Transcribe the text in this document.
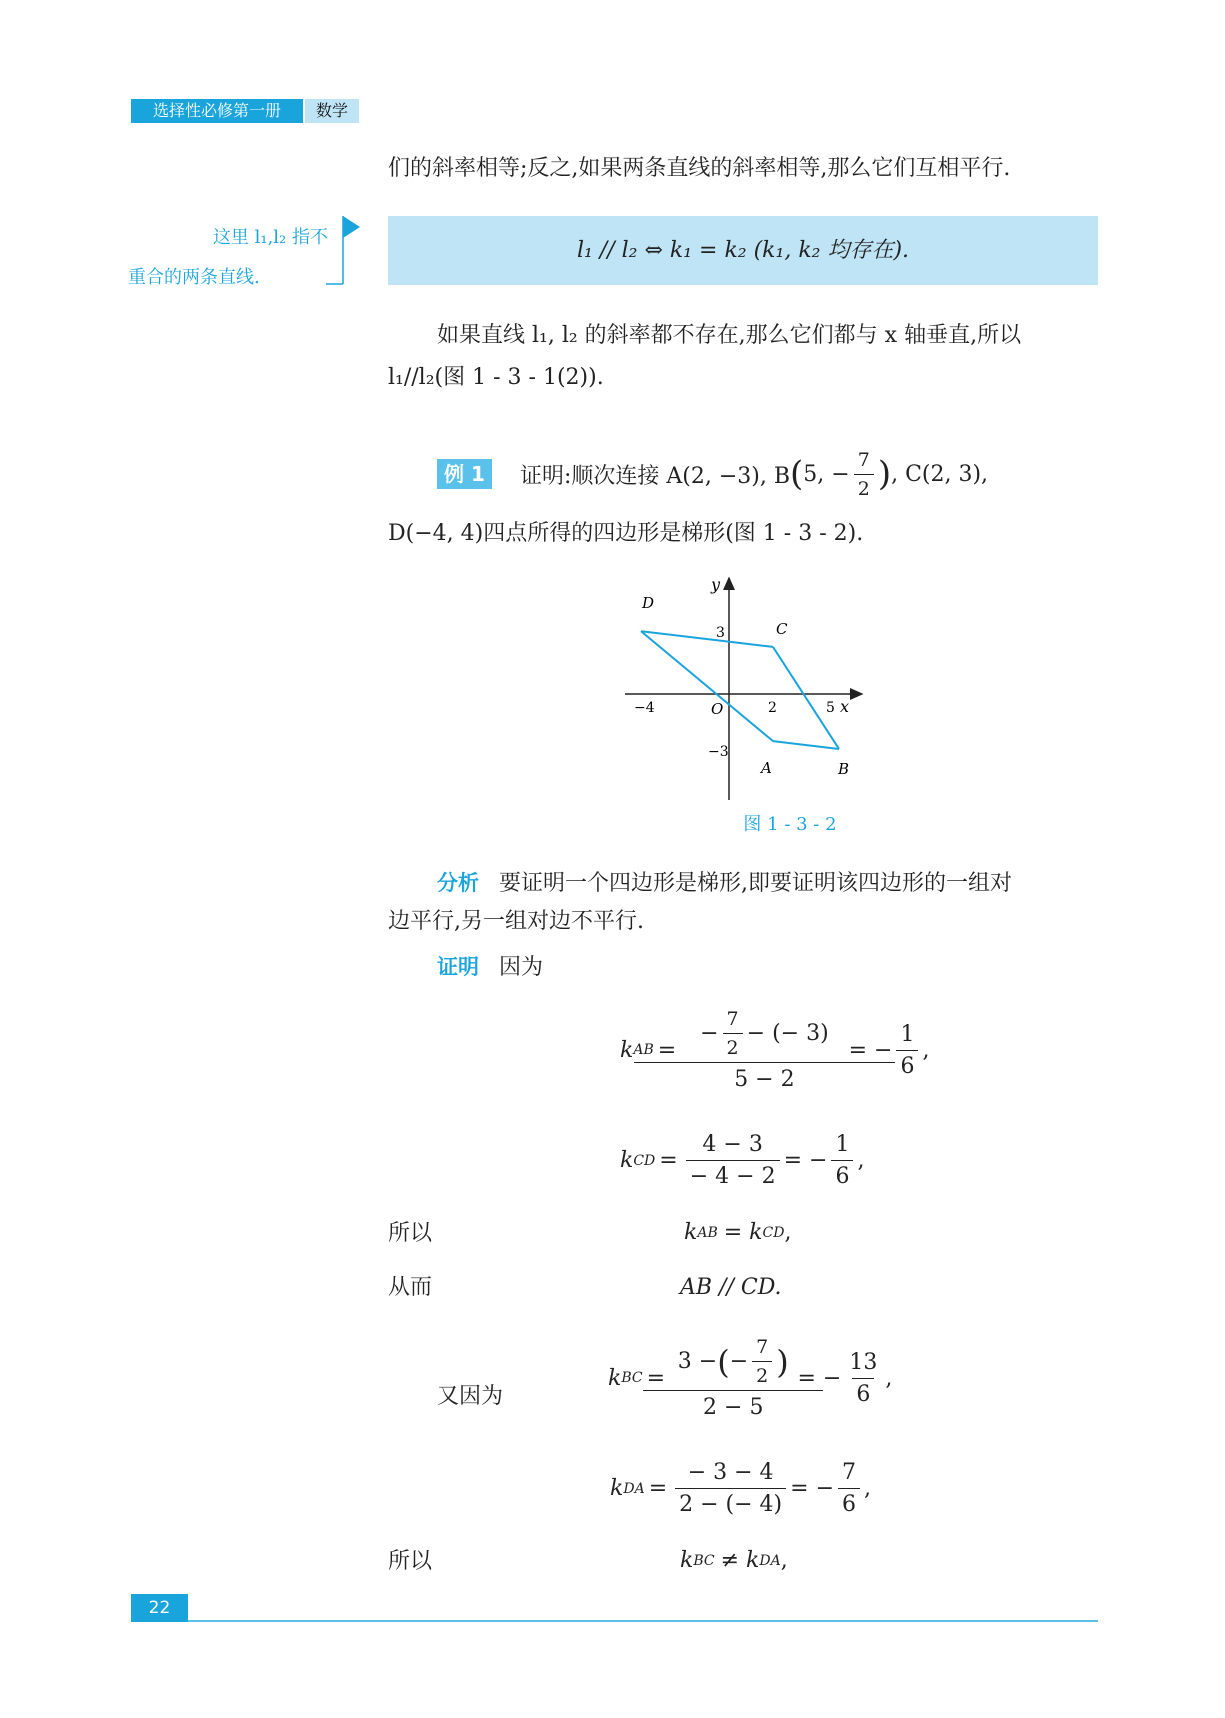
选择性必修第一册	数学
们的斜率相等;反之,如果两条直线的斜率相等,那么它们互相平行.
这里 l₁,l₂ 指不
重合的两条直线.
l₁ // l₂ ⇔ k₁ = k₂ (k₁, k₂ 均存在).
如果直线 l₁, l₂ 的斜率都不存在,那么它们都与 x 轴垂直,所以
l₁//l₂(图 1 - 3 - 1(2)).
例 1	证明:顺次连接 A(2, −3), B ( 5, − $\frac{7}{2}$ ) , C(2, 3),
D(−4, 4)四点所得的四边形是梯形(图 1 - 3 - 2).
x
y
O
−4	2	5
3
−3
A	B
C
D
图 1 - 3 - 2
分析 要证明一个四边形是梯形,即要证明该四边形的一组对
边平行,另一组对边不平行.
证明 因为
k AB = $\frac{- \frac{7}{2} - (- 3)}{5 - 2}$ = − $\frac{1}{6}$ ,
k CD = $\frac{4 - 3}{- 4 - 2}$ = − $\frac{1}{6}$ ,
所以	k AB = k CD ,
从而	AB // CD.
又因为
k BC = $\frac{3 - ( - \frac{7}{2} )}{2 - 5}$ = − $\frac{13}{6}$ ,
k DA = $\frac{- 3 - 4}{2 - (- 4)}$ = − $\frac{7}{6}$ ,
所以	k BC ≠ k DA ,
22
